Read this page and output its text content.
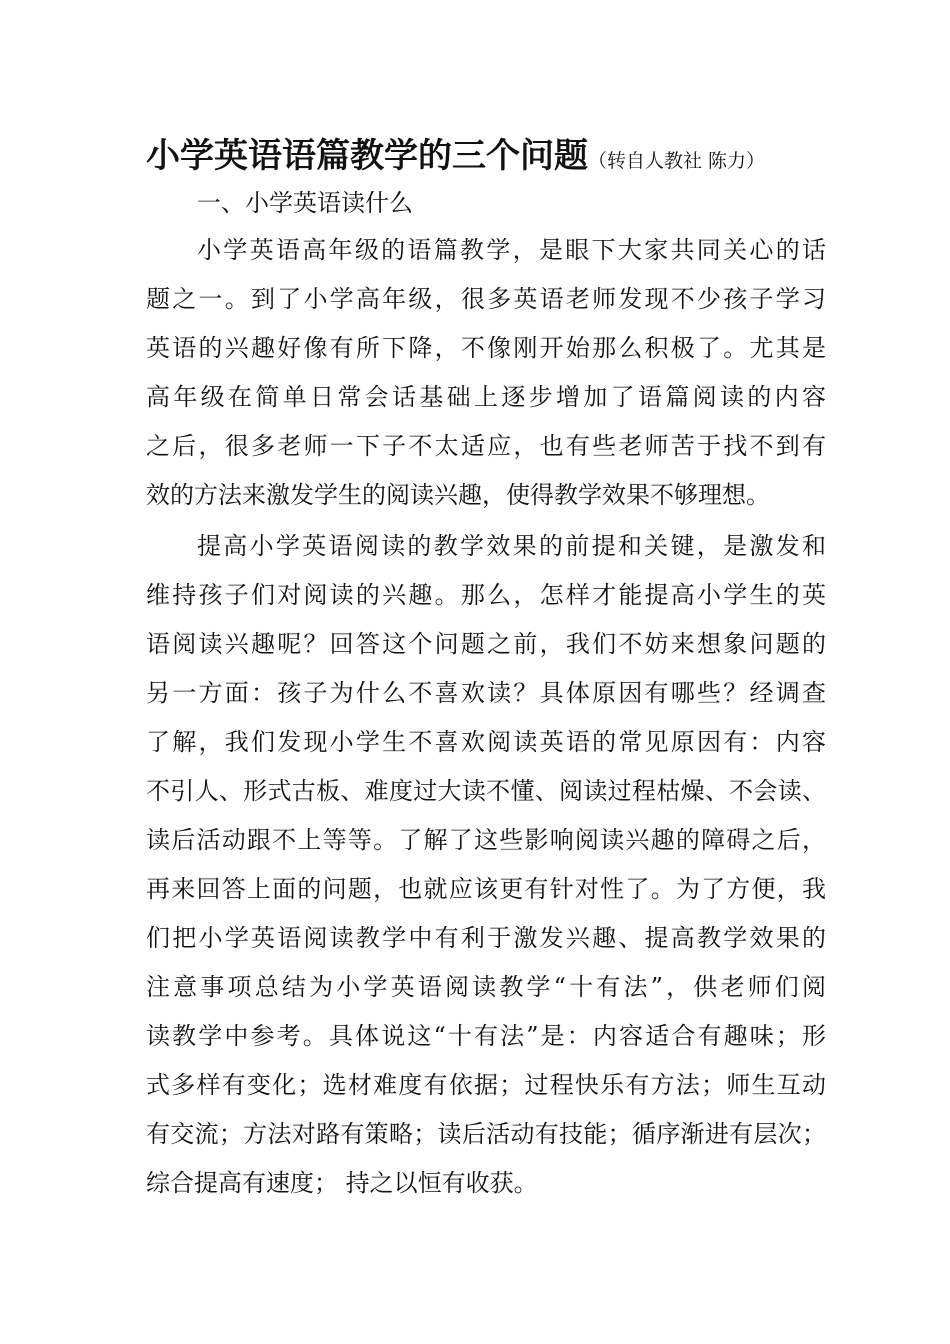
小学英语语篇教学的三个问题（转自人教社 陈力）
一、小学英语读什么
小学英语高年级的语篇教学，是眼下大家共同关心的话
题之一。到了小学高年级，很多英语老师发现不少孩子学习
英语的兴趣好像有所下降，不像刚开始那么积极了。尤其是
高年级在简单日常会话基础上逐步增加了语篇阅读的内容
之后，很多老师一下子不太适应，也有些老师苦于找不到有
效的方法来激发学生的阅读兴趣，使得教学效果不够理想。
提高小学英语阅读的教学效果的前提和关键，是激发和
维持孩子们对阅读的兴趣。那么，怎样才能提高小学生的英
语阅读兴趣呢？回答这个问题之前，我们不妨来想象问题的
另一方面：孩子为什么不喜欢读？具体原因有哪些？经调查
了解，我们发现小学生不喜欢阅读英语的常见原因有：内容
不引人、形式古板、难度过大读不懂、阅读过程枯燥、不会读、
读后活动跟不上等等。了解了这些影响阅读兴趣的障碍之后，
再来回答上面的问题，也就应该更有针对性了。为了方便，我
们把小学英语阅读教学中有利于激发兴趣、提高教学效果的
注意事项总结为小学英语阅读教学“十有法”，供老师们阅
读教学中参考。具体说这“十有法”是：内容适合有趣味；形
式多样有变化；选材难度有依据；过程快乐有方法；师生互动
有交流；方法对路有策略；读后活动有技能；循序渐进有层次；
综合提高有速度； 持之以恒有收获。
